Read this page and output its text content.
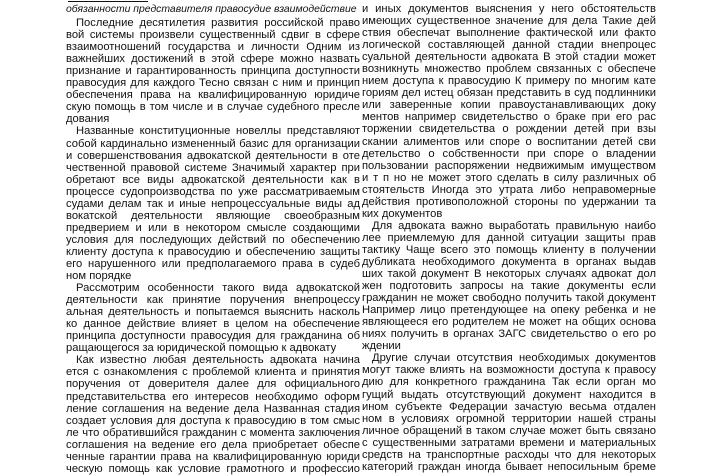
обязанности представителя правосудие взаимодействие
Последние десятилетия развития российской право
вой системы произвели существенный сдвиг в сфере
взаимоотношений государства и личности Одним из
важнейших достижений в этой сфере можно назвать
признание и гарантированность принципа доступности
правосудия для каждого Тесно связан с ним и принцип
обеспечения права на квалифицированную юридиче
скую помощь в том числе и в случае судебного пресле
дования
Названные конституционные новеллы представляют
собой кардинально измененный базис для организации
и совершенствования адвокатской деятельности в оте
чественной правовой системе Значимый характер при
обретают все виды адвокатской деятельности как в
процессе судопроизводства по уже рассматриваемым
судами делам так и иные непроцессуальные виды ад
вокатской деятельности являющие своеобразным
предверием и или в некотором смысле создающими
условия для последующих действий по обеспечению
клиенту доступа к правосудию и обеспечению защиты
его нарушенного или предполагаемого права в судеб
ном порядке
Рассмотрим особенности такого вида адвокатской
деятельности как принятие поручения внепроцессу
альная деятельность и попытаемся выяснить насколь
ко данное действие влияет в целом на обеспечение
принципа доступности правосудия для гражданина об
ращающегося за юридической помощью к адвокату
Как известно любая деятельность адвоката начина
ется с ознакомления с проблемой клиента и принятия
поручения от доверителя далее для официального
представительства его интересов необходимо оформ
ление соглашения на ведение дела Названная стадия
создает условия для доступа к правосудию в том смыс
ле что обратившийся гражданин с момента заключения
соглашения на ведение его дела приобретает обеспе
ченные гарантии права на квалифицированную юриди
ческую помощь как условие грамотного и профессио
и иных документов выяснения у него обстоятельств
имеющих существенное значение для дела Такие дей
ствия обеспечат выполнение фактической или факто
логической составляющей данной стадии внепроцес
суальной деятельности адвоката В этой стадии может
возникнуть множество проблем связанных с обеспече
нием доступа к правосудию К примеру по многим кате
гориям дел истец обязан представить в суд подлинники
или заверенные копии правоустанавливающих доку
ментов например свидетельство о браке при его рас
торжении свидетельства о рождении детей при взы
скании алиментов или споре о воспитании детей сви
детельство о собственности при споре о владении
пользовании распоряжении недвижимым имуществом
и т п но не может этого сделать в силу различных об
стоятельств Иногда это утрата либо неправомерные
действия противоположной стороны по удержании та
ких документов
Для адвоката важно выработать правильную наибо
лее приемлемую для данной ситуации защиты прав
тактику Чаще всего это помощь клиенту в получении
дубликата необходимого документа в органах выдав
ших такой документ В некоторых случаях адвокат дол
жен подготовить запросы на такие документы если
гражданин не может свободно получить такой документ
Например лицо претендующее на опеку ребенка и не
являющееся его родителем не может на общих основа
ниях получить в органах ЗАГС свидетельство о его ро
ждении
Другие случаи отсутствия необходимых документов
могут также влиять на возможности доступа к правосу
дию для конкретного гражданина Так если орган мо
гущий выдать отсутствующий документ находится в
ином субъекте Федерации зачастую весьма отдален
ном в условиях огромной территории нашей страны
личное обращений в таком случае может быть связано
с существенными затратами времени и материальных
средств на транспортные расходы что для некоторых
категорий граждан иногда бывает непосильным бреме
